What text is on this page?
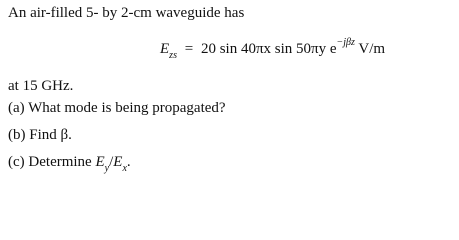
An air-filled 5- by 2-cm waveguide has
$E_{zs} = 20$ sin 40πx sin 50πy $e^{-j\beta z}$ V/m
at 15 GHz.
(a) What mode is being propagated?
(b) Find β.
(c) Determine $E_y/E_x$.
